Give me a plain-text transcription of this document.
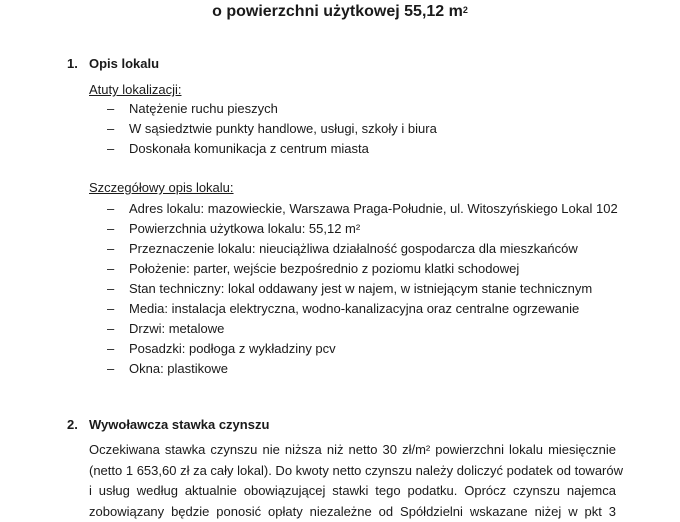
o powierzchni użytkowej 55,12 $m^2$
1. Opis lokalu
Atuty lokalizacji:
– Natężenie ruchu pieszych
– W sąsiedztwie punkty handlowe, usługi, szkoły i biura
– Doskonała komunikacja z centrum miasta
Szczegółowy opis lokalu:
– Adres lokalu: mazowieckie, Warszawa Praga-Południe, ul. Witoszyńskiego Lokal 102
– Powierzchnia użytkowa lokalu: 55,12 m²
– Przeznaczenie lokalu: nieuciążliwa działalność gospodarcza dla mieszkańców
– Położenie: parter, wejście bezpośrednio z poziomu klatki schodowej
– Stan techniczny: lokal oddawany jest w najem, w istniejącym stanie technicznym
– Media: instalacja elektryczna, wodno-kanalizacyjna oraz centralne ogrzewanie
– Drzwi: metalowe
– Posadzki: podłoga z wykładziny pcv
– Okna: plastikowe
2. Wywoławcza stawka czynszu
Oczekiwana stawka czynszu nie niższa niż netto 30 zł/m² powierzchni lokalu miesięcznie
(netto 1 653,60 zł za cały lokal). Do kwoty netto czynszu należy doliczyć podatek od towarów
i usług według aktualnie obowiązującej stawki tego podatku. Oprócz czynszu najemca
zobowiązany będzie ponosić opłaty niezależne od Spółdzielni wskazane niżej w pkt 3
